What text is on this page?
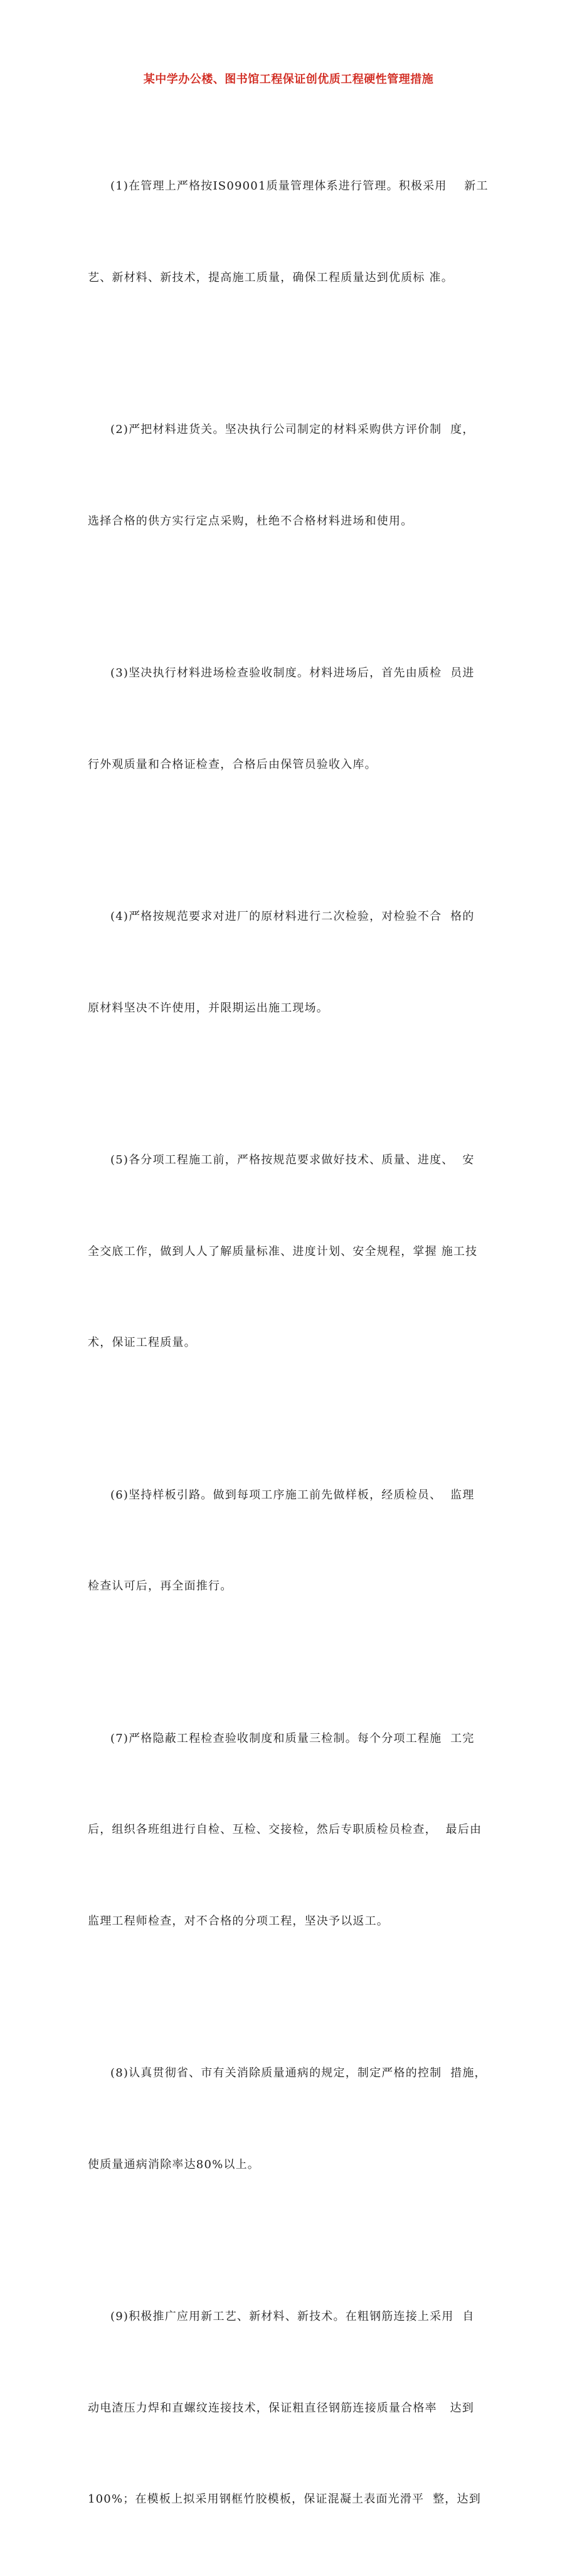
某中学办公楼、图书馆工程保证创优质工程硬性管理措施

(1)在管理上严格按IS09001质量管理体系进行管理。积极采用    新工

艺、新材料、新技术，提高施工质量，确保工程质量达到优质标 准。

(2)严把材料进货关。坚决执行公司制定的材料采购供方评价制  度，

选择合格的供方实行定点采购，杜绝不合格材料进场和使用。

(3)坚决执行材料进场检查验收制度。材料进场后，首先由质检  员进

行外观质量和合格证检查，合格后由保管员验收入库。

(4)严格按规范要求对进厂的原材料进行二次检验，对检验不合  格的

原材料坚决不许使用，并限期运出施工现场。

(5)各分项工程施工前，严格按规范要求做好技术、质量、进度、  安

全交底工作，做到人人了解质量标准、进度计划、安全规程，掌握 施工技

术，保证工程质量。

(6)坚持样板引路。做到每项工序施工前先做样板，经质检员、  监理

检查认可后，再全面推行。

(7)严格隐蔽工程检查验收制度和质量三检制。每个分项工程施  工完

后，组织各班组进行自检、互检、交接检，然后专职质检员检查，  最后由

监理工程师检查，对不合格的分项工程，坚决予以返工。

(8)认真贯彻省、市有关消除质量通病的规定，制定严格的控制  措施，

使质量通病消除率达80%以上。

(9)积极推广应用新工艺、新材料、新技术。在粗钢筋连接上采用  自

动电渣压力焊和直螺纹连接技术，保证粗直径钢筋连接质量合格率   达到

100%；在模板上拟采用钢框竹胶模板，保证混凝土表面光滑平  整，达到
